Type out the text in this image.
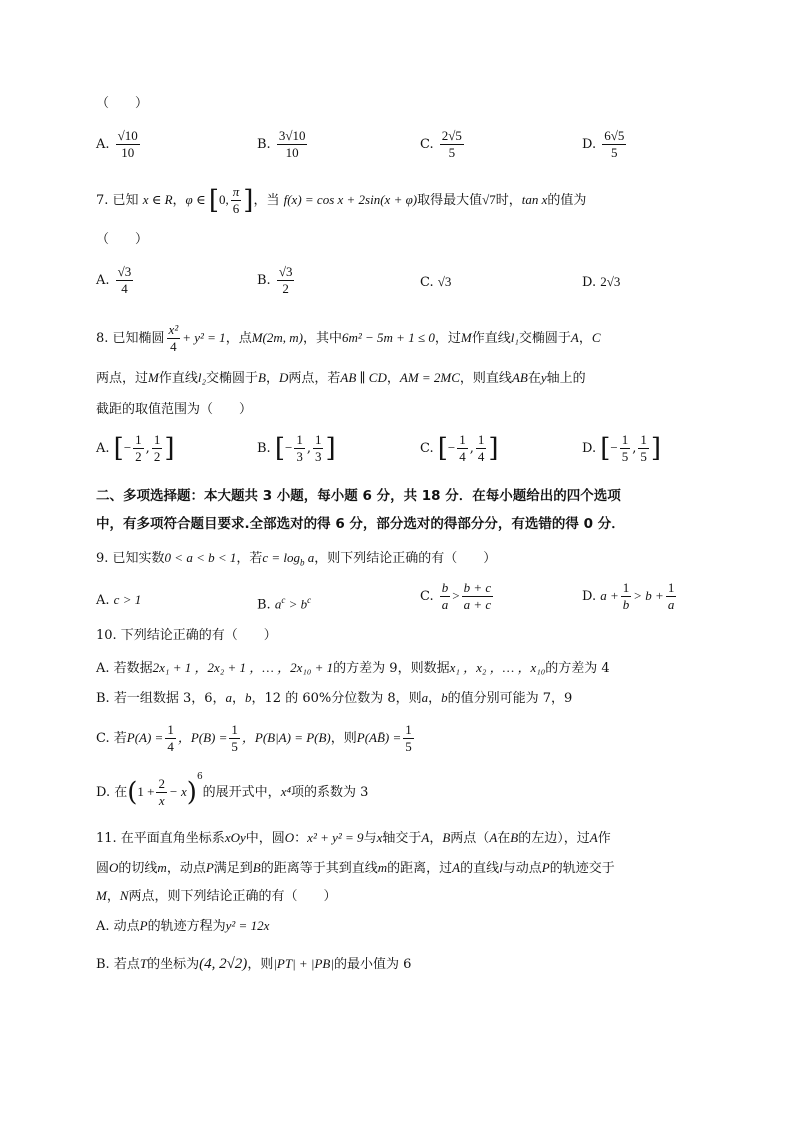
（　　）
A. $\frac{√10}{10}$	B. $\frac{3√10}{10}$	C. $\frac{2√5}{5}$	D. $\frac{6√5}{5}$
7. 已知 x ∈ R，φ ∈ [0, $\frac{\pi}{6}$ ]，当 f(x) = cos x + 2sin(x + φ)取得最大值√7时，tan x的值为
（　　）
A. $\frac{√3}{4}$	B. $\frac{√3}{2}$	C. √3	D. 2√3
8. 已知椭圆 $\frac{\text{x²}}{4} + y^2 = 1$，点M(2m, m)，其中6m² − 5m + 1 ≤ 0，过M作直线l₁交椭圆于A，C
两点，过M作直线l₂交椭圆于B，D两点，若AB ∥ CD，AM = 2MC，则直线AB在y轴上的
截距的取值范围为（　　）
A. [− $\frac{1}{2}$ , $\frac{1}{2}$ ]	B. [− $\frac{1}{3}$ , $\frac{1}{3}$ ]	C. [− $\frac{1}{4}$ , $\frac{1}{4}$ ]	D. [− $\frac{1}{5}$ , $\frac{1}{5}$ ]
二、多项选择题：本大题共 3 小题，每小题 6 分，共 18 分．在每小题给出的四个选项
中，有多项符合题目要求.全部选对的得 6 分，部分选对的得部分分，有选错的得 0 分．
9. 已知实数0 < a < b < 1，若$c = \log_b a$，则下列结论正确的有（　　）
A. c > 1	B. $a^c > b^c$	C. $\frac{b}{a} > \frac{b + c}{a + c}$	D. $a + \frac{1}{b} > b + \frac{1}{a}$
10. 下列结论正确的有（　　）
A. 若数据2x₁ + 1 ，2x₂ + 1 ，… ，2x₁₀ + 1的方差为 9，则数据x₁ ，x₂ ，… ，x₁₀的方差为 4
B. 若一组数据 3，6，a，b，12 的 60%分位数为 8，则a，b的值分别可能为 7，9
C. 若$P(A) = \frac{1}{4}$ ，$P(B) = \frac{1}{5}$ ，P(B|A) = P(B)，则P(AB̄) = $\frac{1}{5}$
D. 在$(1 + \frac{2}{x} - x)^6$的展开式中，x⁴项的系数为 3
11. 在平面直角坐标系xOy中，圆O：x² + y² = 9与x轴交于A，B两点（A在B的左边），过A作
圆O的切线m，动点P满足到B的距离等于其到直线m的距离，过A的直线l与动点P的轨迹交于
M，N两点，则下列结论正确的有（　　）
A. 动点P的轨迹方程为y² = 12x
B. 若点T的坐标为(4, 2√2)，则|PT| + |PB|的最小值为 6
